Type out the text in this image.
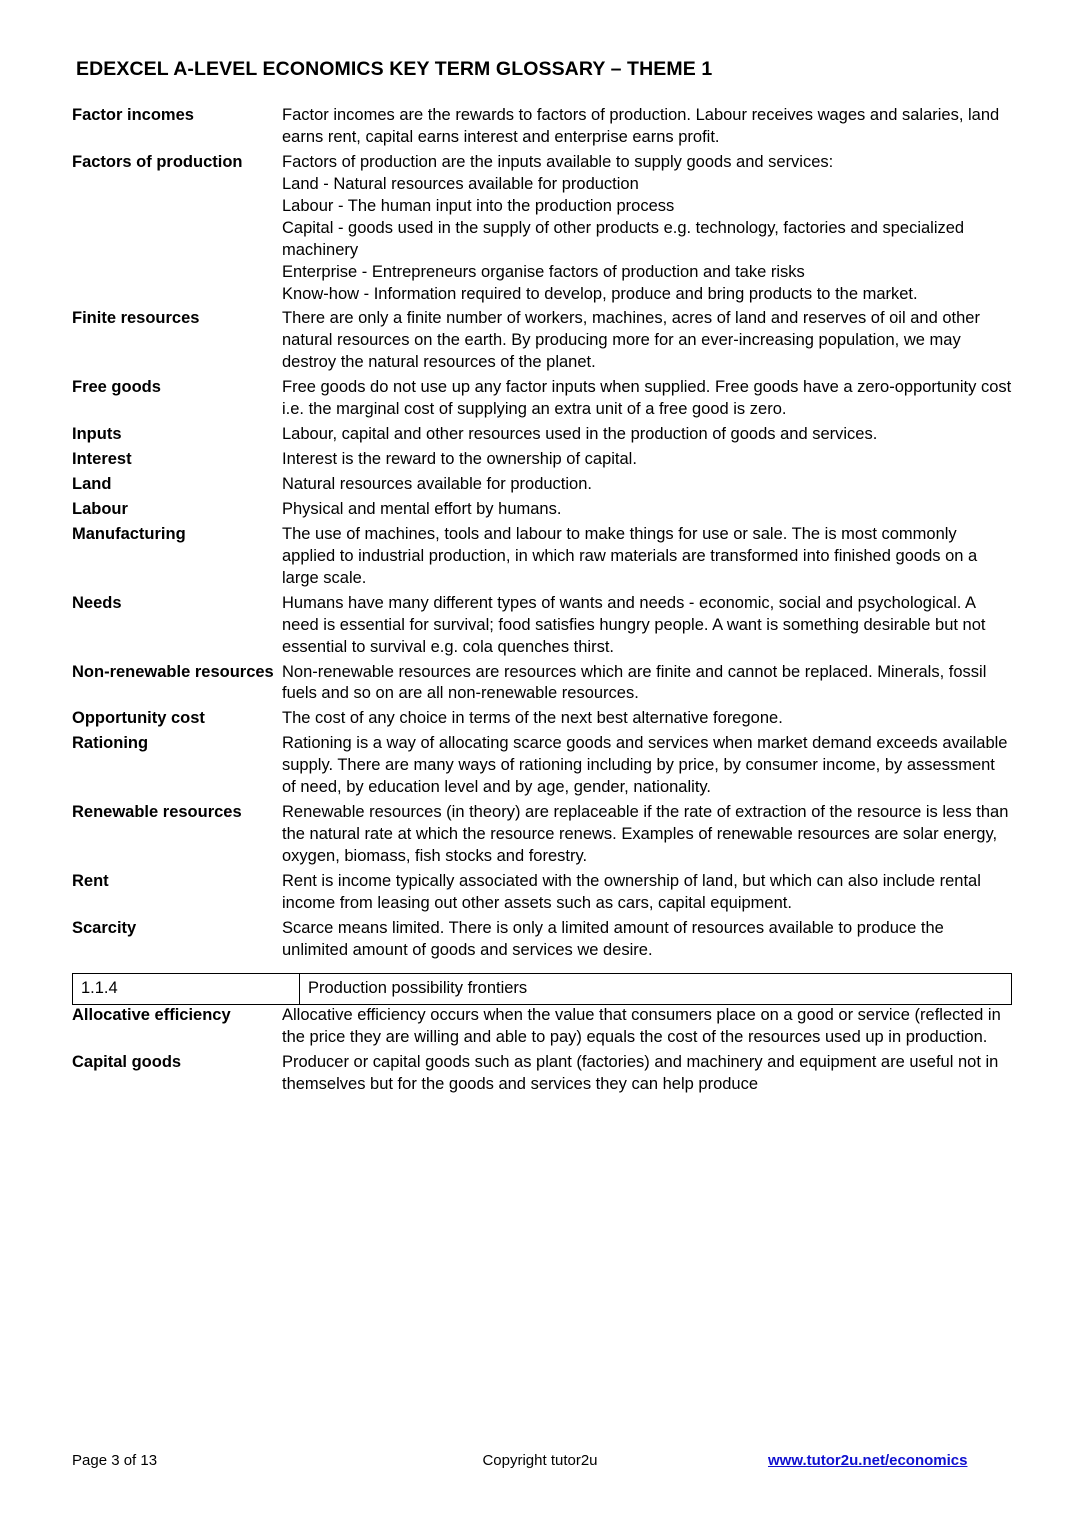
EDEXCEL A-LEVEL ECONOMICS KEY TERM GLOSSARY – THEME 1
Factor incomes	Factor incomes are the rewards to factors of production. Labour receives wages and salaries, land earns rent, capital earns interest and enterprise earns profit.

Factors of production	Factors of production are the inputs available to supply goods and services:
Land - Natural resources available for production
Labour - The human input into the production process
Capital - goods used in the supply of other products e.g. technology, factories and specialized machinery
Enterprise - Entrepreneurs organise factors of production and take risks
Know-how - Information required to develop, produce and bring products to the market.

Finite resources	There are only a finite number of workers, machines, acres of land and reserves of oil and other natural resources on the earth. By producing more for an ever-increasing population, we may destroy the natural resources of the planet.

Free goods	Free goods do not use up any factor inputs when supplied. Free goods have a zero-opportunity cost i.e. the marginal cost of supplying an extra unit of a free good is zero.

Inputs	Labour, capital and other resources used in the production of goods and services.

Interest	Interest is the reward to the ownership of capital.

Land	Natural resources available for production.

Labour	Physical and mental effort by humans.

Manufacturing	The use of machines, tools and labour to make things for use or sale. The is most commonly applied to industrial production, in which raw materials are transformed into finished goods on a large scale.

Needs	Humans have many different types of wants and needs - economic, social and psychological. A need is essential for survival; food satisfies hungry people. A want is something desirable but not essential to survival e.g. cola quenches thirst.

Non-renewable resources	Non-renewable resources are resources which are finite and cannot be replaced. Minerals, fossil fuels and so on are all non-renewable resources.

Opportunity cost	The cost of any choice in terms of the next best alternative foregone.

Rationing	Rationing is a way of allocating scarce goods and services when market demand exceeds available supply. There are many ways of rationing including by price, by consumer income, by assessment of need, by education level and by age, gender, nationality.

Renewable resources	Renewable resources (in theory) are replaceable if the rate of extraction of the resource is less than the natural rate at which the resource renews. Examples of renewable resources are solar energy, oxygen, biomass, fish stocks and forestry.

Rent	Rent is income typically associated with the ownership of land, but which can also include rental income from leasing out other assets such as cars, capital equipment.

Scarcity	Scarce means limited. There is only a limited amount of resources available to produce the unlimited amount of goods and services we desire.
1.1.4	Production possibility frontiers
Allocative efficiency	Allocative efficiency occurs when the value that consumers place on a good or service (reflected in the price they are willing and able to pay) equals the cost of the resources used up in production.

Capital goods	Producer or capital goods such as plant (factories) and machinery and equipment are useful not in themselves but for the goods and services they can help produce
Page 3 of 13	Copyright tutor2u	www.tutor2u.net/economics
